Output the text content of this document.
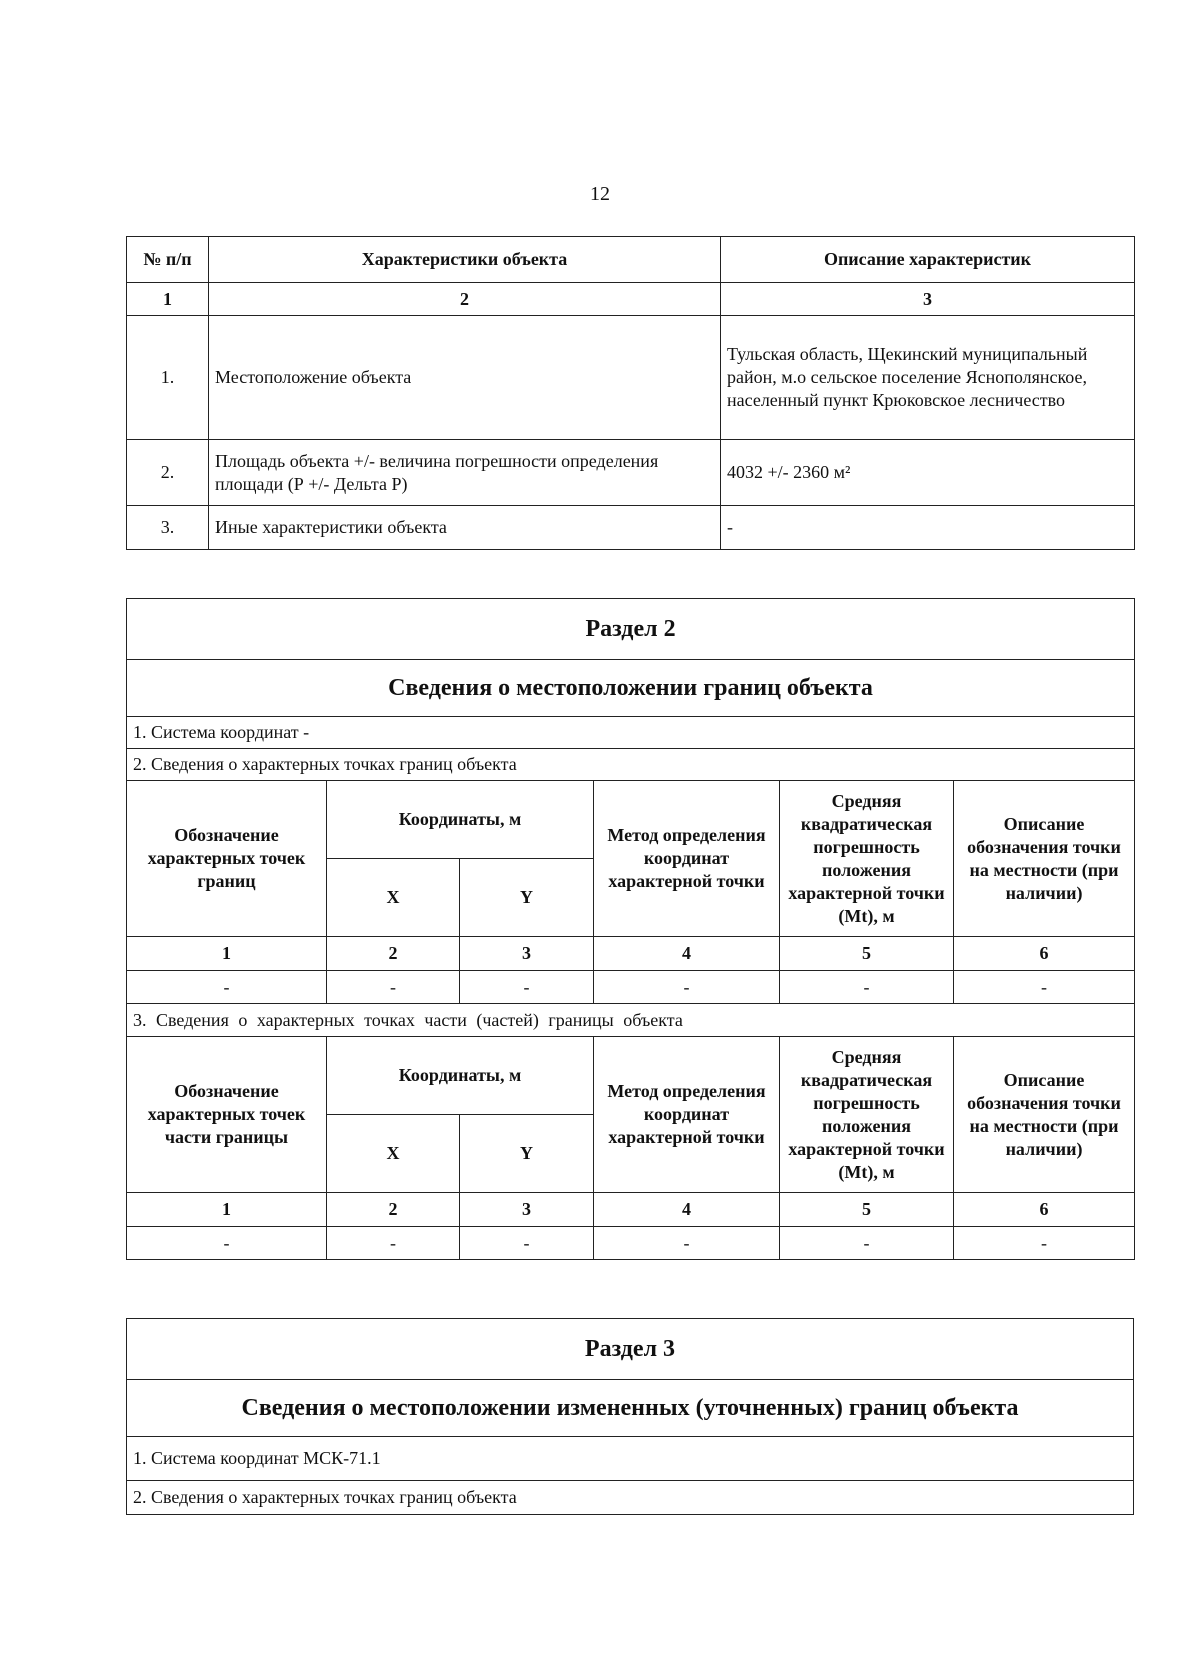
12
№ п/п	Характеристики объекта	Описание характеристик
1	2	3
1.	Местоположение объекта	Тульская область, Щекинский муниципальный район, м.о сельское поселение Яснополянское, населенный пункт Крюковское лесничество
2.	Площадь объекта +/- величина погрешности определения площади (Р +/- Дельта Р)	4032 +/- 2360 м²
3.	Иные характеристики объекта	-
Раздел 2					
Сведения о местоположении границ объекта					
1. Система координат -					
2. Сведения о характерных точках границ объекта					
Обозначение характерных точек границ	Координаты, м		Метод определения координат характерной точки	Средняя квадратическая погрешность положения характерной точки (Mt), м	Описание обозначения точки на местности (при наличии)
	X	Y			
1	2	3	4	5	6
-	-	-	-	-	-
3. Сведения о характерных точках части (частей) границы объекта					
Обозначение характерных точек части границы	Координаты, м		Метод определения координат характерной точки	Средняя квадратическая погрешность положения характерной точки (Mt), м	Описание обозначения точки на местности (при наличии)
	X	Y			
1	2	3	4	5	6
-	-	-	-	-	-
Раздел 3
Сведения о местоположении измененных (уточненных) границ объекта
1. Система координат МСК-71.1
2. Сведения о характерных точках границ объекта
